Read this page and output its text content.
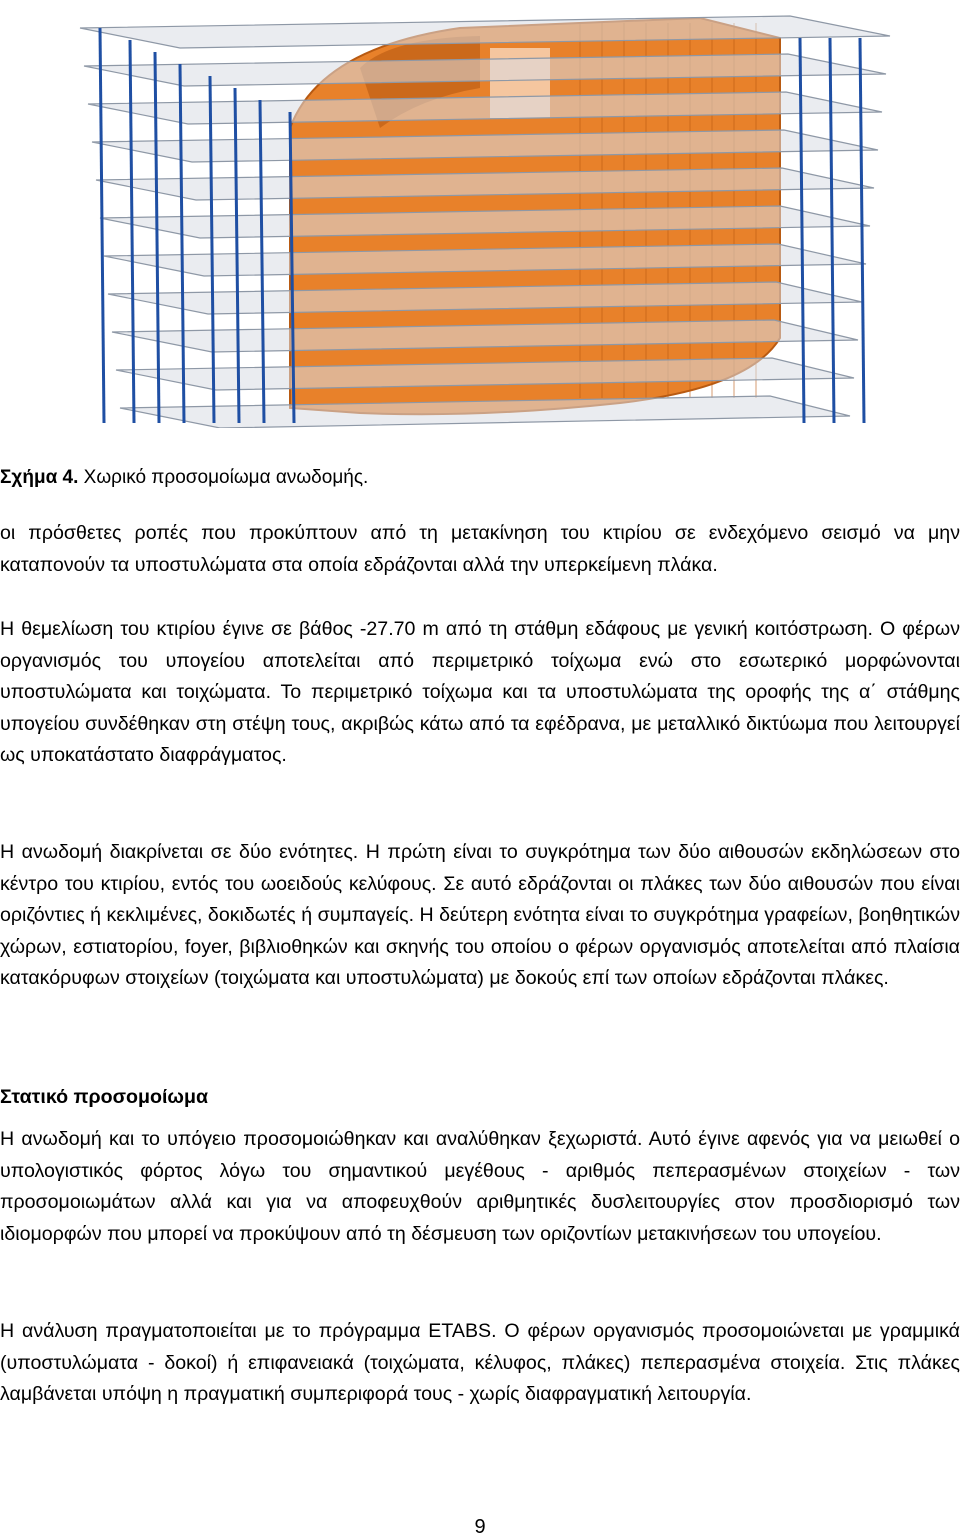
Σχήμα 4. Χωρικό προσομοίωμα ανωδομής.

οι πρόσθετες ροπές που προκύπτουν από τη μετακίνηση του κτιρίου σε ενδεχόμενο σεισμό να μην καταπονούν τα υποστυλώματα στα οποία εδράζονται αλλά την υπερκείμενη πλάκα.

Η θεμελίωση του κτιρίου έγινε σε βάθος -27.70 m από τη στάθμη εδάφους με γενική κοιτόστρωση. Ο φέρων οργανισμός του υπογείου αποτελείται από περιμετρικό τοίχωμα ενώ στο εσωτερικό μορφώνονται υποστυλώματα και τοιχώματα. Το περιμετρικό τοίχωμα και τα υποστυλώματα της οροφής της α΄ στάθμης υπογείου συνδέθηκαν στη στέψη τους, ακριβώς κάτω από τα εφέδρανα, με μεταλλικό δικτύωμα που λειτουργεί ως υποκατάστατο διαφράγματος.

Η ανωδομή διακρίνεται σε δύο ενότητες. Η πρώτη είναι το συγκρότημα των δύο αιθουσών εκδηλώσεων στο κέντρο του κτιρίου, εντός του ωοειδούς κελύφους. Σε αυτό εδράζονται οι πλάκες των δύο αιθουσών που είναι οριζόντιες ή κεκλιμένες, δοκιδωτές ή συμπαγείς. Η δεύτερη ενότητα είναι το συγκρότημα γραφείων, βοηθητικών χώρων, εστιατορίου, foyer, βιβλιοθηκών και σκηνής του οποίου ο φέρων οργανισμός αποτελείται από πλαίσια κατακόρυφων στοιχείων (τοιχώματα και υποστυλώματα) με δοκούς επί των οποίων εδράζονται πλάκες.

Στατικό προσομοίωμα

Η ανωδομή και το υπόγειο προσομοιώθηκαν και αναλύθηκαν ξεχωριστά. Αυτό έγινε αφενός για να μειωθεί ο υπολογιστικός φόρτος λόγω του σημαντικού μεγέθους - αριθμός πεπερασμένων στοιχείων - των προσομοιωμάτων αλλά και για να αποφευχθούν αριθμητικές δυσλειτουργίες στον προσδιορισμό των ιδιομορφών που μπορεί να προκύψουν από τη δέσμευση των οριζοντίων μετακινήσεων του υπογείου.

Η ανάλυση πραγματοποιείται με το πρόγραμμα ETABS. Ο φέρων οργανισμός προσομοιώνεται με γραμμικά (υποστυλώματα - δοκοί) ή επιφανειακά (τοιχώματα, κέλυφος, πλάκες) πεπερασμένα στοιχεία. Στις πλάκες λαμβάνεται υπόψη η πραγματική συμπεριφορά τους - χωρίς διαφραγματική λειτουργία.

9
